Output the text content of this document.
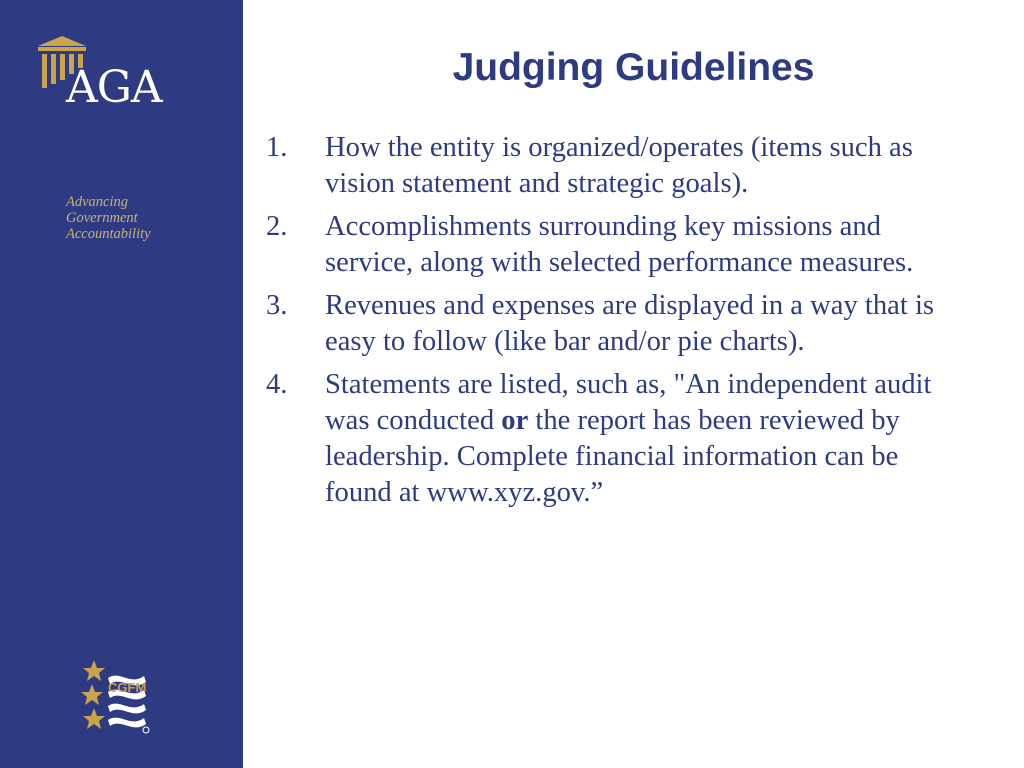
AGA
Advancing
Government
Accountability
CGFM
Judging Guidelines
1. How the entity is organized/operates (items such as vision statement and strategic goals).
2. Accomplishments surrounding key missions and service, along with selected performance measures.
3. Revenues and expenses are displayed in a way that is easy to follow (like bar and/or pie charts).
4. Statements are listed, such as, "An independent audit was conducted or the report has been reviewed by leadership. Complete financial information can be found at www.xyz.gov.”
